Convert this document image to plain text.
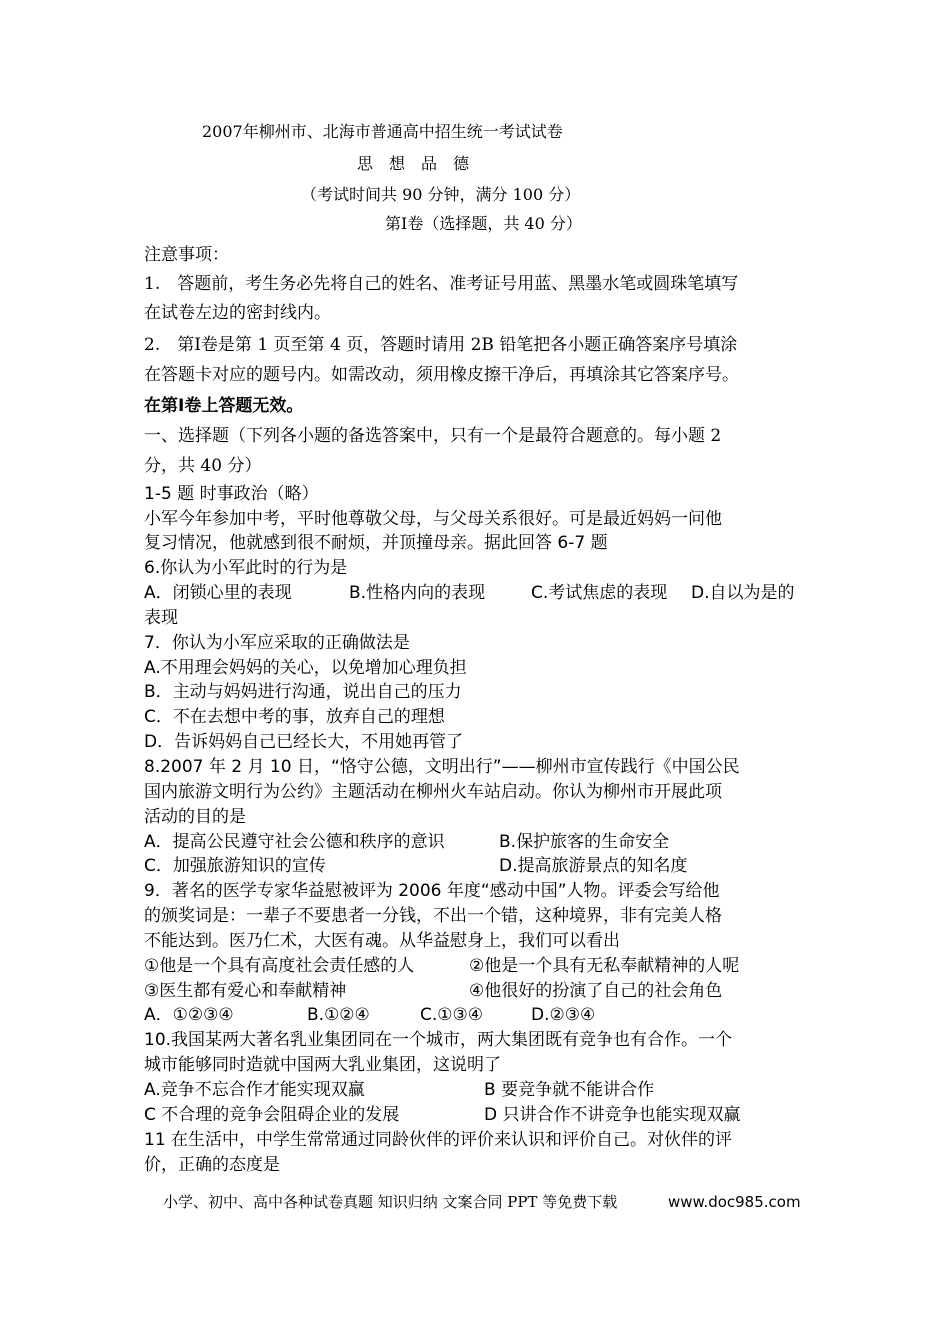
2007年柳州市、北海市普通高中招生统一考试试卷
思　想　品　德
（考试时间共 90 分钟，满分 100 分）
第Ⅰ卷（选择题，共 40 分）
注意事项：
1.　答题前，考生务必先将自己的姓名、准考证号用蓝、黑墨水笔或圆珠笔填写
在试卷左边的密封线内。
2.　第Ⅰ卷是第 1 页至第 4 页，答题时请用 2B 铅笔把各小题正确答案序号填涂
在答题卡对应的题号内。如需改动，须用橡皮擦干净后，再填涂其它答案序号。
在第Ⅰ卷上答题无效。
一、选择题（下列各小题的备选答案中，只有一个是最符合题意的。每小题 2
分，共 40 分）
1-5 题 时事政治（略）
小军今年参加中考，平时他尊敬父母，与父母关系很好。可是最近妈妈一问他
复习情况，他就感到很不耐烦，并顶撞母亲。据此回答 6-7 题
6.你认为小军此时的行为是
A．闭锁心里的表现	B.性格内向的表现	C.考试焦虑的表现 D.自以为是的
表现
7．你认为小军应采取的正确做法是
A.不用理会妈妈的关心，以免增加心理负担
B．主动与妈妈进行沟通，说出自己的压力
C．不在去想中考的事，放弃自己的理想
D．告诉妈妈自己已经长大，不用她再管了
8.2007 年 2 月 10 日，“恪守公德，文明出行”——柳州市宣传践行《中国公民
国内旅游文明行为公约》主题活动在柳州火车站启动。你认为柳州市开展此项
活动的目的是
A．提高公民遵守社会公德和秩序的意识	B.保护旅客的生命安全
C．加强旅游知识的宣传	D.提高旅游景点的知名度
9．著名的医学专家华益慰被评为 2006 年度“感动中国”人物。评委会写给他
的颁奖词是：一辈子不要患者一分钱，不出一个错，这种境界，非有完美人格
不能达到。医乃仁术，大医有魂。从华益慰身上，我们可以看出
①他是一个具有高度社会责任感的人	②他是一个具有无私奉献精神的人呢
③医生都有爱心和奉献精神	④他很好的扮演了自己的社会角色
A．①②③④	B.①②④	C.①③④	D.②③④
10.我国某两大著名乳业集团同在一个城市，两大集团既有竞争也有合作。一个
城市能够同时造就中国两大乳业集团，这说明了
A.竞争不忘合作才能实现双赢	B 要竞争就不能讲合作
C 不合理的竞争会阻碍企业的发展	D 只讲合作不讲竞争也能实现双赢
11 在生活中，中学生常常通过同龄伙伴的评价来认识和评价自己。对伙伴的评
价，正确的态度是
小学、初中、高中各种试卷真题 知识归纳 文案合同 PPT 等免费下载	www.doc985.com
